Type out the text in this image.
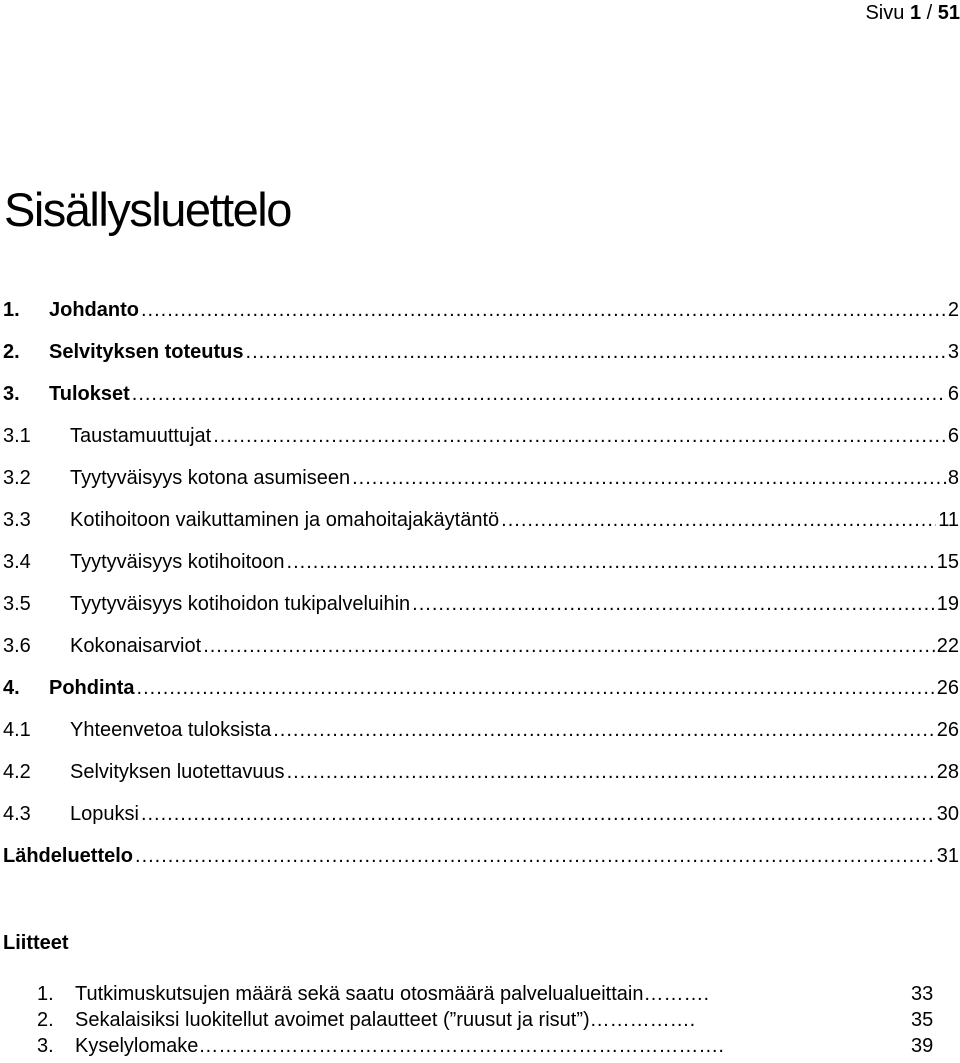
Sivu 1 / 51
Sisällysluettelo
1.	Johdanto .....	2
2.	Selvityksen toteutus .....	3
3.	Tulokset .....	6
3.1	Taustamuuttujat .....	6
3.2	Tyytyväisyys kotona asumiseen .....	8
3.3	Kotihoitoon vaikuttaminen ja omahoitajakäytäntö .....	11
3.4	Tyytyväisyys kotihoitoon .....	15
3.5	Tyytyväisyys kotihoidon tukipalveluihin .....	19
3.6	Kokonaisarviot .....	22
4.	Pohdinta .....	26
4.1	Yhteenvetoa tuloksista .....	26
4.2	Selvityksen luotettavuus .....	28
4.3	Lopuksi .....	30
Lähdeluettelo .....	31
Liitteet
1. Tutkimuskutsujen määrä sekä saatu otosmäärä palvelualueittain……….	33
2. Sekalaisiksi luokitellut avoimet palautteet (”ruusut ja risut”)…………….	35
3. Kyselylomake…………………………………………………………………….	39
